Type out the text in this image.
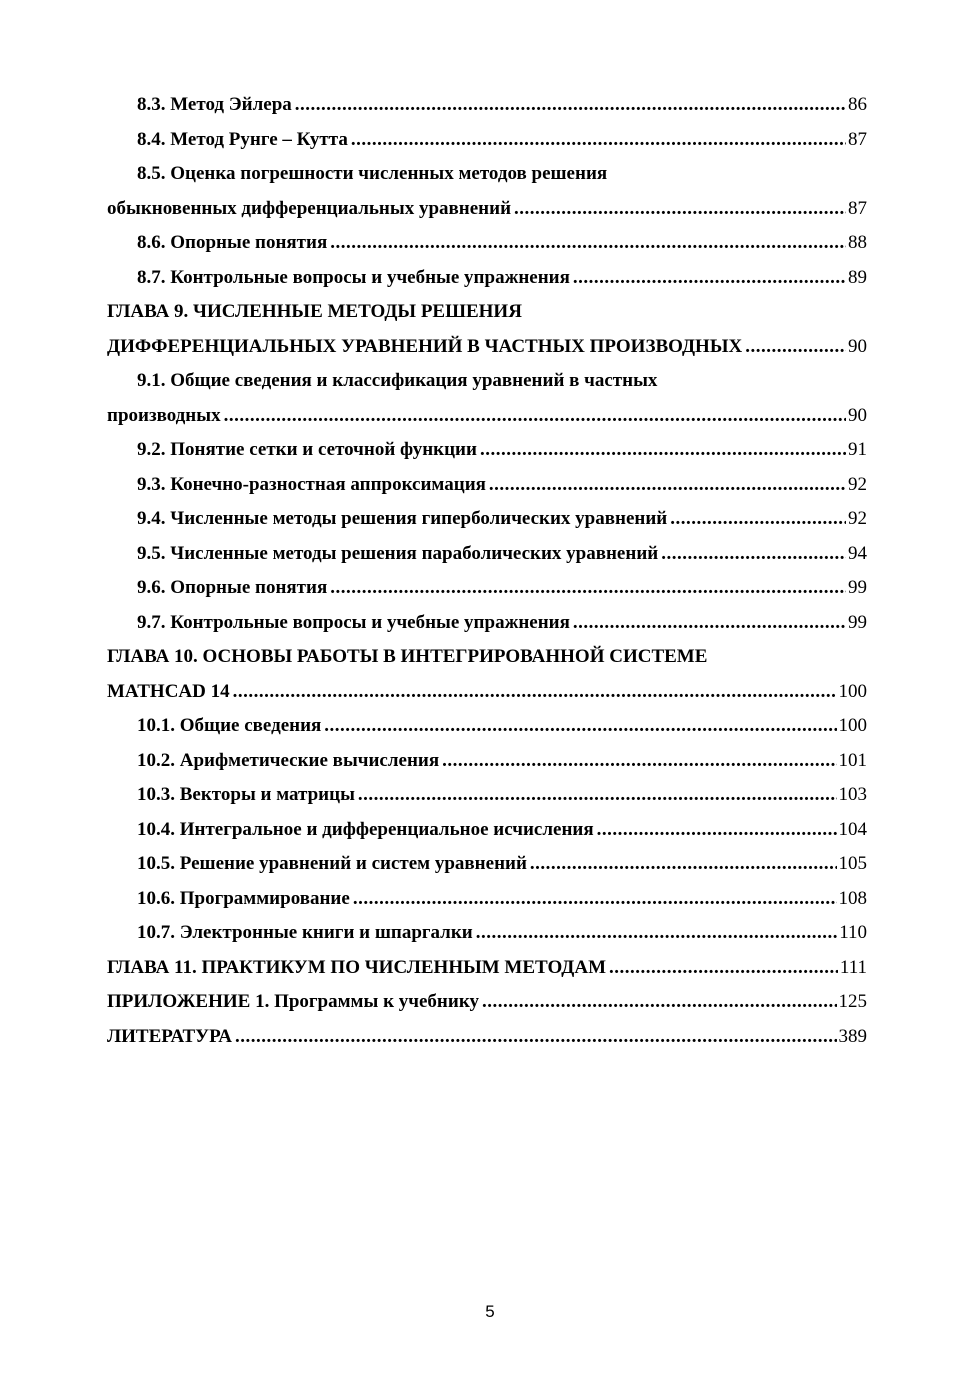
8.3. Метод Эйлера .....	86
8.4. Метод Рунге – Кутта .....	87
8.5. Оценка погрешности численных методов решения
обыкновенных дифференциальных уравнений .....	87
8.6. Опорные понятия .....	88
8.7. Контрольные вопросы и учебные упражнения .....	89
ГЛАВА 9. ЧИСЛЕННЫЕ МЕТОДЫ РЕШЕНИЯ
ДИФФЕРЕНЦИАЛЬНЫХ УРАВНЕНИЙ В ЧАСТНЫХ ПРОИЗВОДНЫХ .....	90
9.1. Общие сведения и классификация уравнений в частных
производных .....	90
9.2. Понятие сетки и сеточной функции .....	91
9.3. Конечно-разностная аппроксимация .....	92
9.4. Численные методы решения гиперболических уравнений .....	92
9.5. Численные методы решения параболических уравнений .....	94
9.6. Опорные понятия .....	99
9.7. Контрольные вопросы и учебные упражнения .....	99
ГЛАВА 10. ОСНОВЫ РАБОТЫ В ИНТЕГРИРОВАННОЙ СИСТЕМЕ
MATHCAD 14 .....	100
10.1. Общие сведения .....	100
10.2. Арифметические вычисления .....	101
10.3. Векторы и матрицы .....	103
10.4. Интегральное и дифференциальное исчисления .....	104
10.5. Решение уравнений и систем уравнений .....	105
10.6. Программирование .....	108
10.7. Электронные книги и шпаргалки .....	110
ГЛАВА 11. ПРАКТИКУМ ПО ЧИСЛЕННЫМ МЕТОДАМ .....	111
ПРИЛОЖЕНИЕ 1. Программы к учебнику .....	125
ЛИТЕРАТУРА .....	389
5
